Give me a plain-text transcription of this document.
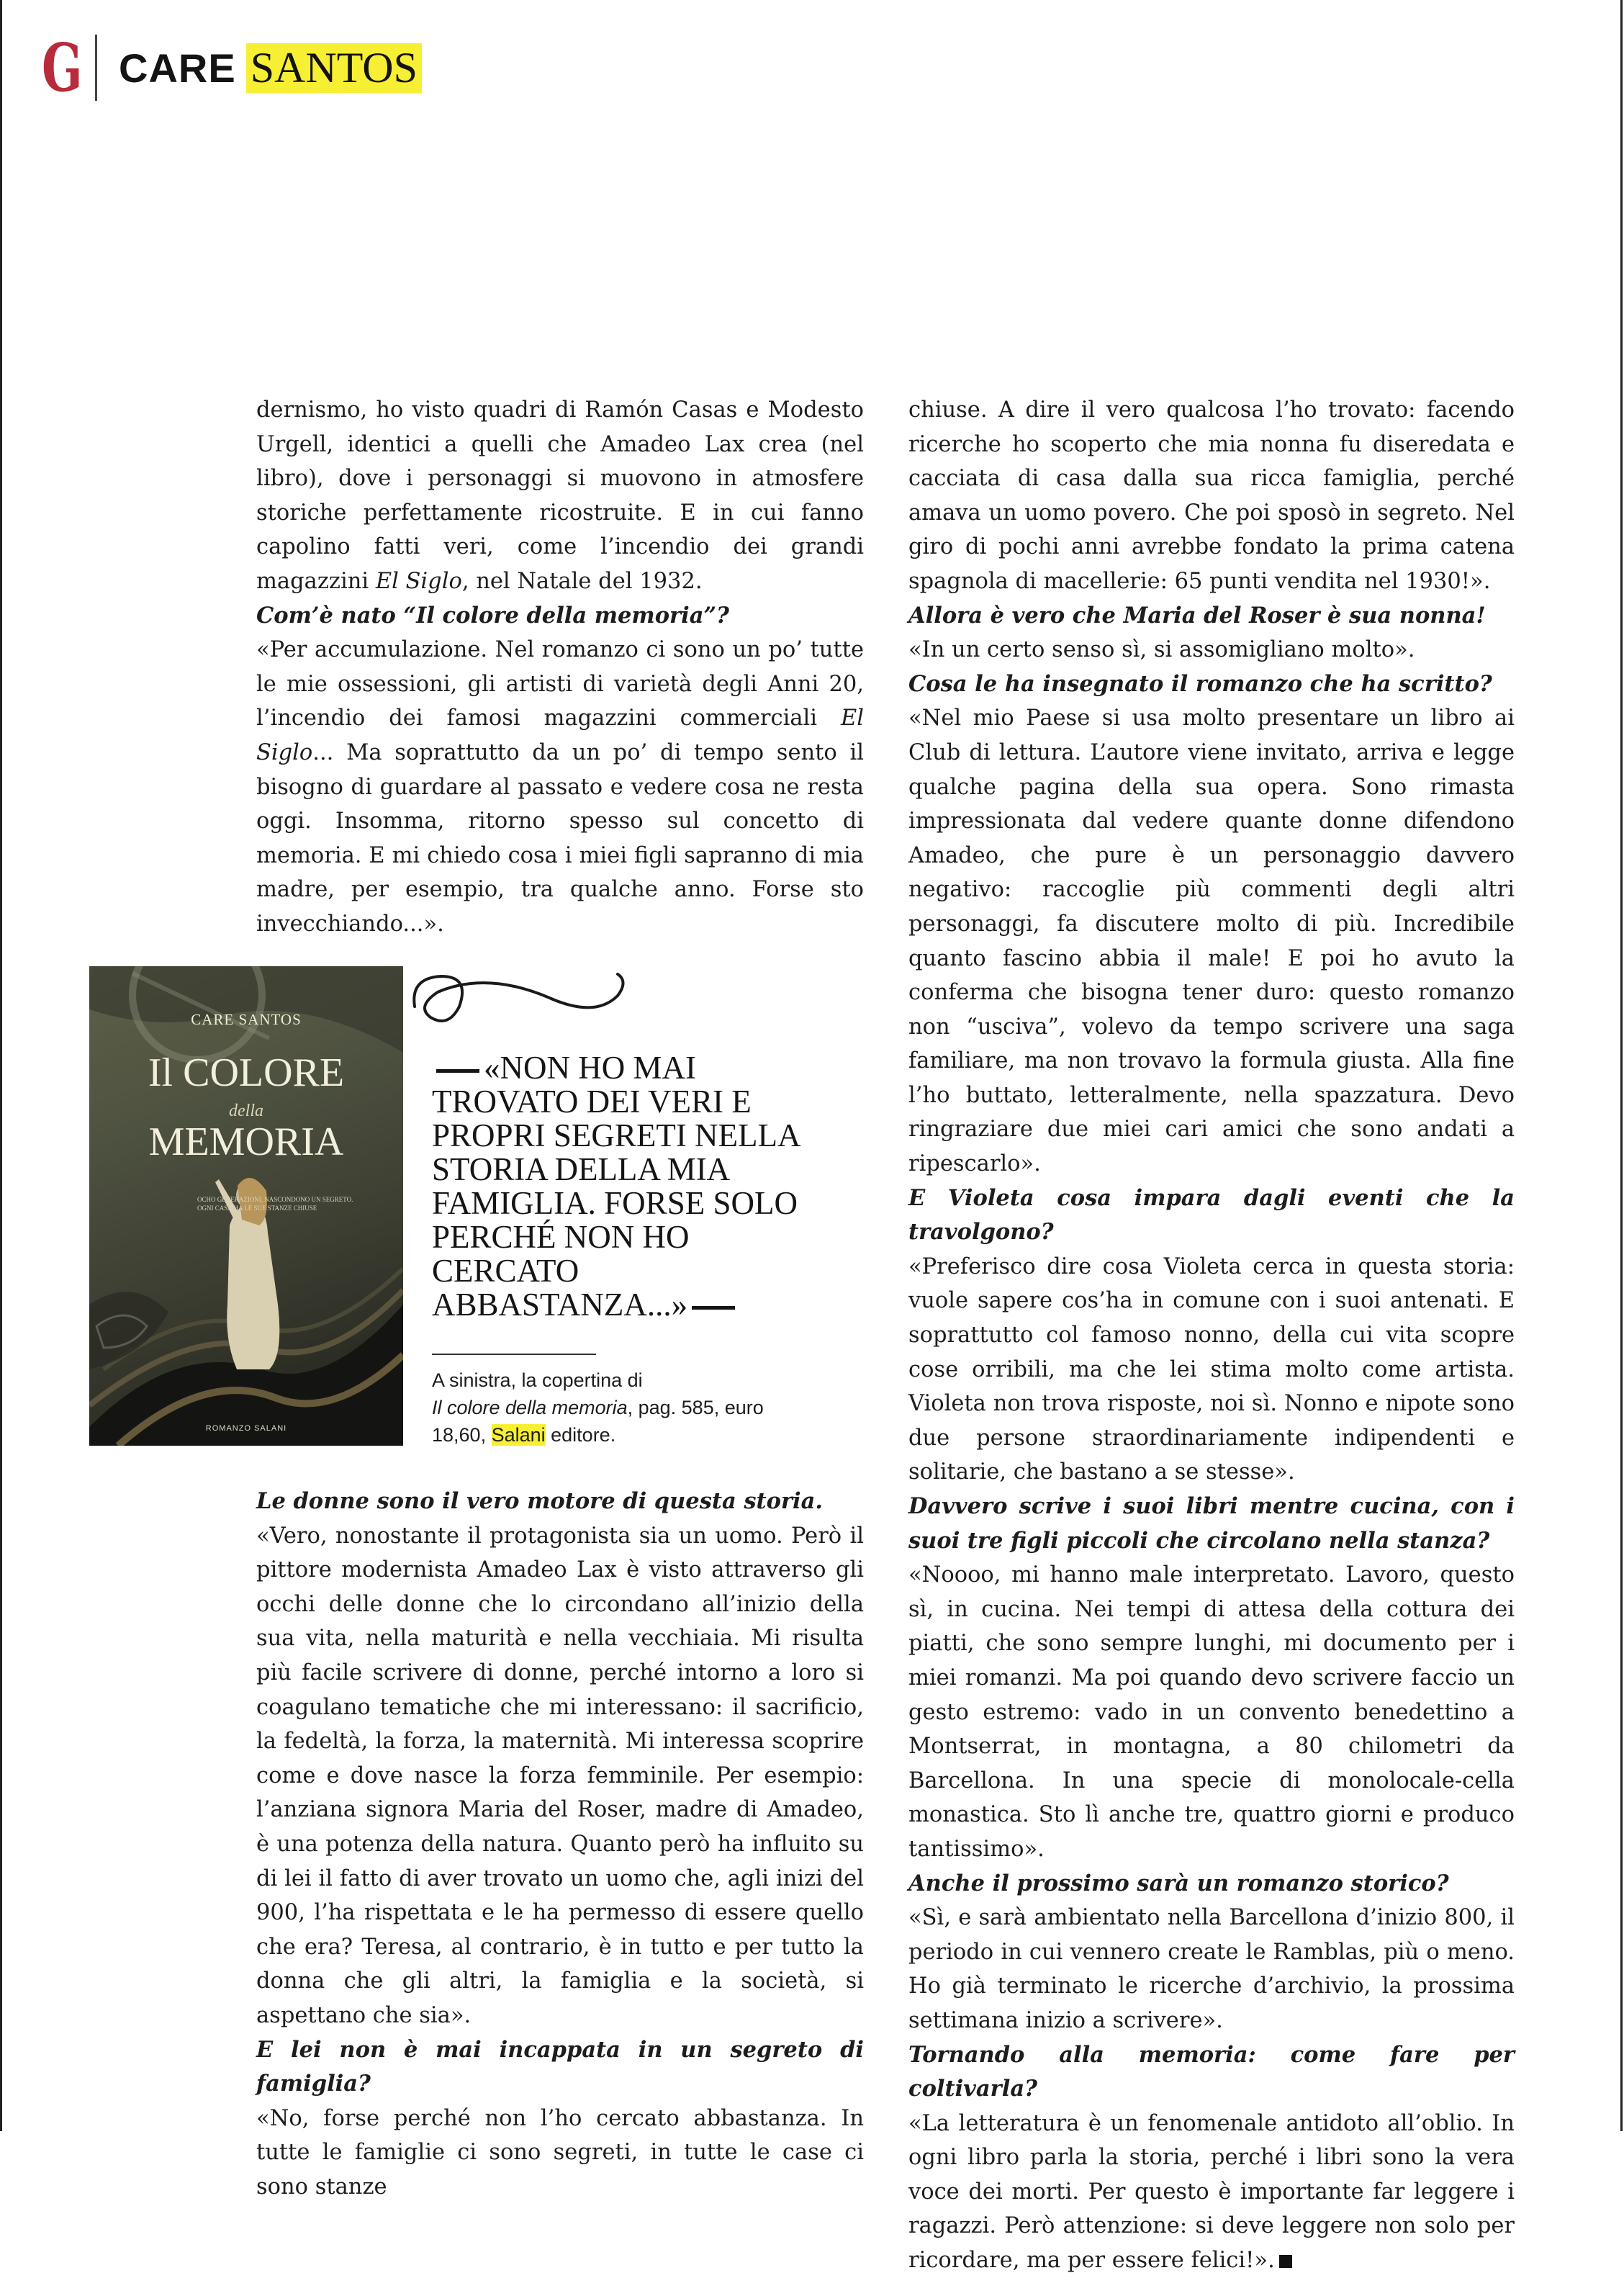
G CARE SANTOS

dernismo, ho visto quadri di Ramón Casas e Modesto Urgell, identici a quelli che Amadeo Lax crea (nel libro), dove i personaggi si muovono in atmosfere storiche perfettamente ricostruite. E in cui fanno capolino fatti veri, come l’incendio dei grandi magazzini El Siglo, nel Natale del 1932.

Com’è nato “Il colore della memoria”?

«Per accumulazione. Nel romanzo ci sono un po’ tutte le mie ossessioni, gli artisti di varietà degli Anni 20, l’incendio dei famosi magazzini commerciali El Siglo... Ma soprattutto da un po’ di tempo sento il bisogno di guardare al passato e vedere cosa ne resta oggi. Insomma, ritorno spesso sul concetto di memoria. E mi chiedo cosa i miei figli sapranno di mia madre, per esempio, tra qualche anno. Forse sto invecchiando...».

CARE SANTOS
Il COLORE
della
MEMORIA
OCHO GENERAZIONI, NASCONDONO UN SEGRETO. OGNI CASA HA LE SUE STANZE CHIUSE
ROMANZO SALANI
«NON HO MAI TROVATO DEI VERI E PROPRI SEGRETI NELLA STORIA DELLA MIA FAMIGLIA. FORSE SOLO PERCHÉ NON HO CERCATO ABBASTANZA...»
A sinistra, la copertina di
Il colore della memoria, pag. 585, euro 18,60, Salani editore.

Le donne sono il vero motore di questa storia.

«Vero, nonostante il protagonista sia un uomo. Però il pittore modernista Amadeo Lax è visto attraverso gli occhi delle donne che lo circondano all’inizio della sua vita, nella maturità e nella vecchiaia. Mi risulta più facile scrivere di donne, perché intorno a loro si coagulano tematiche che mi interessano: il sacrificio, la fedeltà, la forza, la maternità. Mi interessa scoprire come e dove nasce la forza femminile. Per esempio: l’anziana signora Maria del Roser, madre di Amadeo, è una potenza della natura. Quanto però ha influito su di lei il fatto di aver trovato un uomo che, agli inizi del 900, l’ha rispettata e le ha permesso di essere quello che era? Teresa, al contrario, è in tutto e per tutto la donna che gli altri, la famiglia e la società, si aspettano che sia».

E lei non è mai incappata in un segreto di famiglia?

«No, forse perché non l’ho cercato abbastanza. In tutte le famiglie ci sono segreti, in tutte le case ci sono stanze

chiuse. A dire il vero qualcosa l’ho trovato: facendo ricerche ho scoperto che mia nonna fu diseredata e cacciata di casa dalla sua ricca famiglia, perché amava un uomo povero. Che poi sposò in segreto. Nel giro di pochi anni avrebbe fondato la prima catena spagnola di macellerie: 65 punti vendita nel 1930!».

Allora è vero che Maria del Roser è sua nonna!

«In un certo senso sì, si assomigliano molto».

Cosa le ha insegnato il romanzo che ha scritto?

«Nel mio Paese si usa molto presentare un libro ai Club di lettura. L’autore viene invitato, arriva e legge qualche pagina della sua opera. Sono rimasta impressionata dal vedere quante donne difendono Amadeo, che pure è un personaggio davvero negativo: raccoglie più commenti degli altri personaggi, fa discutere molto di più. Incredibile quanto fascino abbia il male! E poi ho avuto la conferma che bisogna tener duro: questo romanzo non “usciva”, volevo da tempo scrivere una saga familiare, ma non trovavo la formula giusta. Alla fine l’ho buttato, letteralmente, nella spazzatura. Devo ringraziare due miei cari amici che sono andati a ripescarlo».

E Violeta cosa impara dagli eventi che la travolgono?

«Preferisco dire cosa Violeta cerca in questa storia: vuole sapere cos’ha in comune con i suoi antenati. E soprattutto col famoso nonno, della cui vita scopre cose orribili, ma che lei stima molto come artista. Violeta non trova risposte, noi sì. Nonno e nipote sono due persone straordinariamente indipendenti e solitarie, che bastano a se stesse».

Davvero scrive i suoi libri mentre cucina, con i suoi tre figli piccoli che circolano nella stanza?

«Noooo, mi hanno male interpretato. Lavoro, questo sì, in cucina. Nei tempi di attesa della cottura dei piatti, che sono sempre lunghi, mi documento per i miei romanzi. Ma poi quando devo scrivere faccio un gesto estremo: vado in un convento benedettino a Montserrat, in montagna, a 80 chilometri da Barcellona. In una specie di monolocale-cella monastica. Sto lì anche tre, quattro giorni e produco tantissimo».

Anche il prossimo sarà un romanzo storico?

«Sì, e sarà ambientato nella Barcellona d’inizio 800, il periodo in cui vennero create le Ramblas, più o meno. Ho già terminato le ricerche d’archivio, la prossima settimana inizio a scrivere».

Tornando alla memoria: come fare per coltivarla?

«La letteratura è un fenomenale antidoto all’oblio. In ogni libro parla la storia, perché i libri sono la vera voce dei morti. Per questo è importante far leggere i ragazzi. Però attenzione: si deve leggere non solo per ricordare, ma per essere felici!».
